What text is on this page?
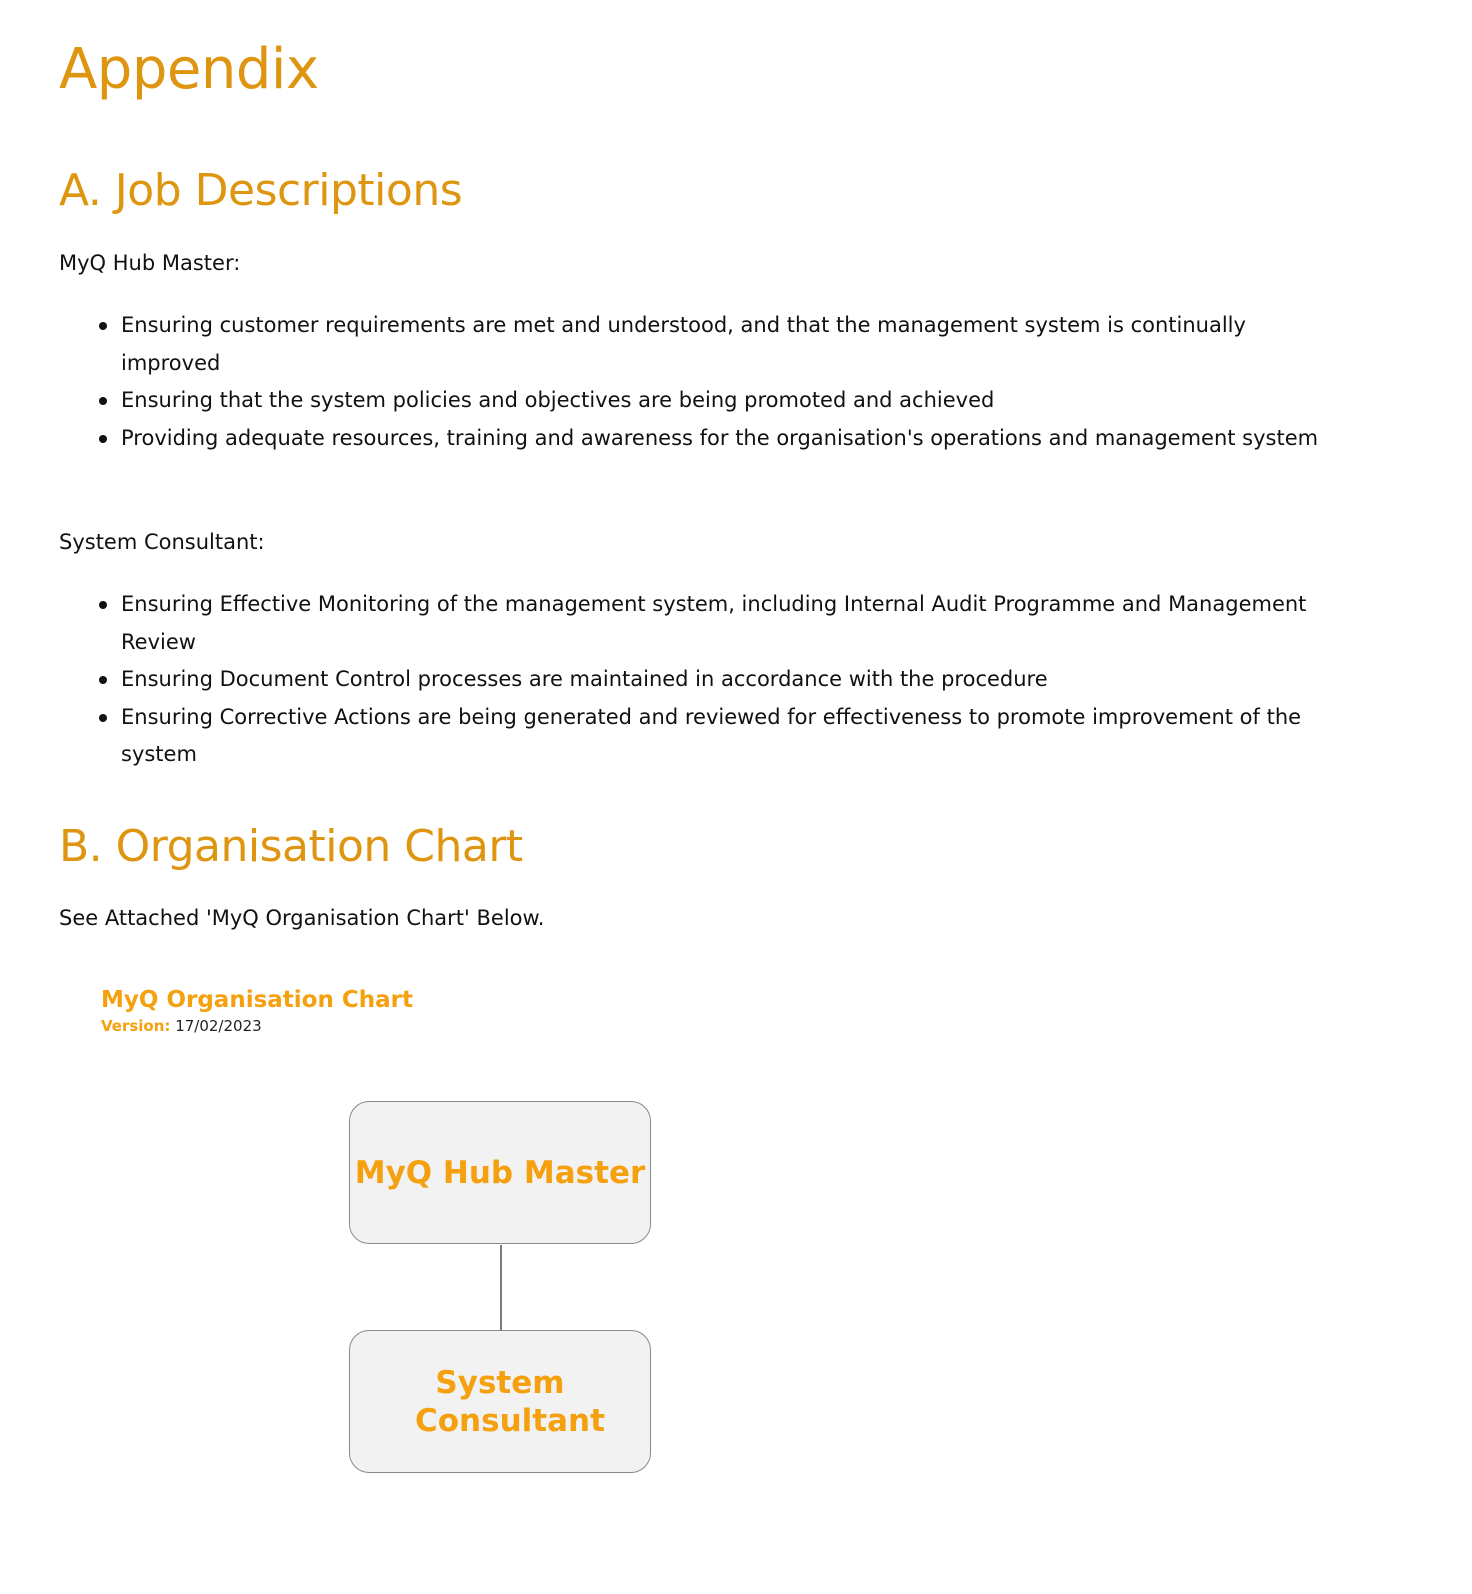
Appendix
A. Job Descriptions

MyQ Hub Master:

Ensuring customer requirements are met and understood, and that the management system is continually improved
Ensuring that the system policies and objectives are being promoted and achieved
Providing adequate resources, training and awareness for the organisation's operations and management system

System Consultant:

Ensuring Effective Monitoring of the management system, including Internal Audit Programme and Management Review
Ensuring Document Control processes are maintained in accordance with the procedure
Ensuring Corrective Actions are being generated and reviewed for effectiveness to promote improvement of the system
B. Organisation Chart

See Attached 'MyQ Organisation Chart' Below.

MyQ Organisation Chart
Version: 17/02/2023
MyQ Hub Master
System Consultant
